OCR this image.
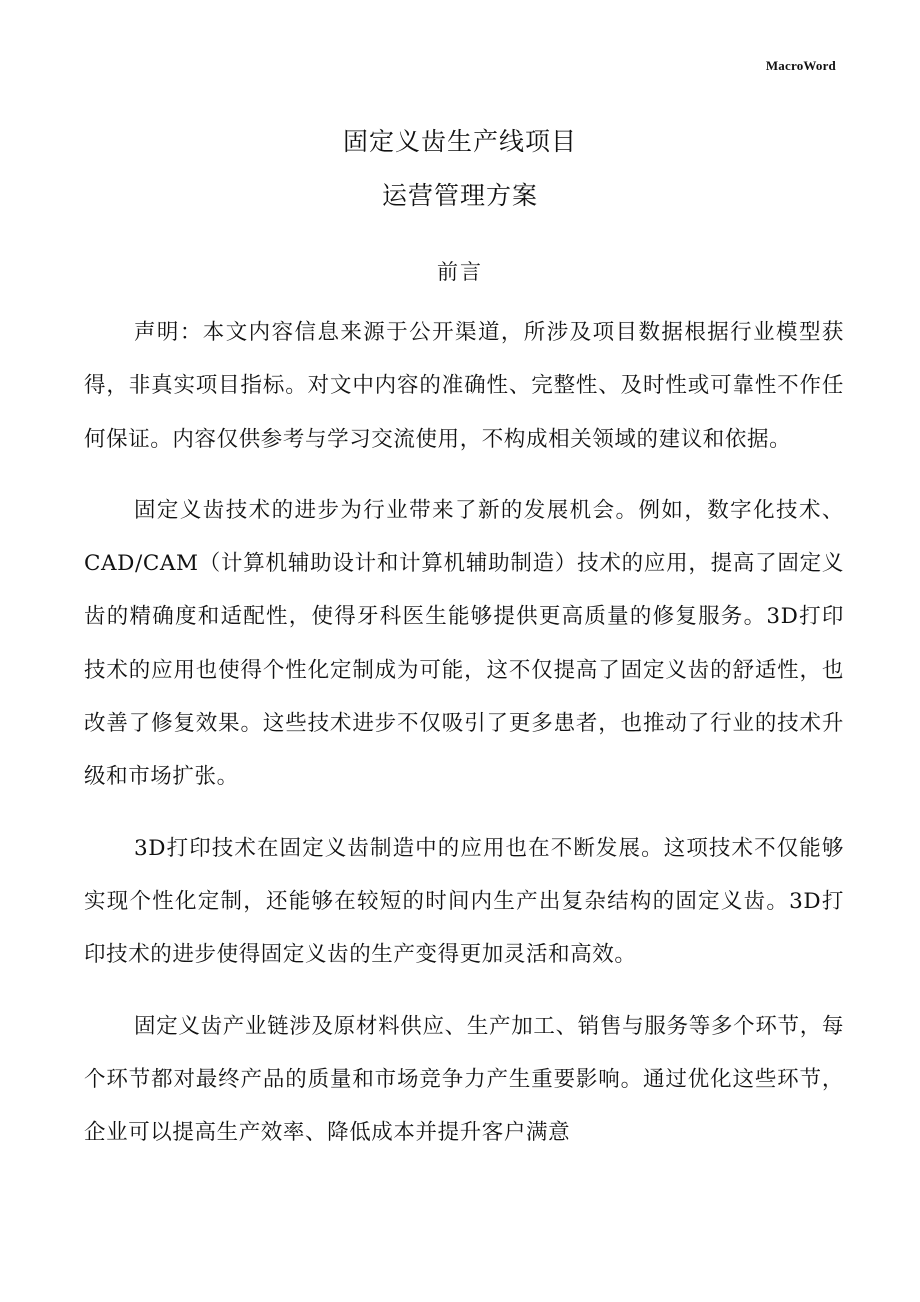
MacroWord
固定义齿生产线项目
运营管理方案
前言

声明：本文内容信息来源于公开渠道，所涉及项目数据根据行业模型获得，非真实项目指标。对文中内容的准确性、完整性、及时性或可靠性不作任何保证。内容仅供参考与学习交流使用，不构成相关领域的建议和依据。

固定义齿技术的进步为行业带来了新的发展机会。例如，数字化技术、CAD/CAM（计算机辅助设计和计算机辅助制造）技术的应用，提高了固定义齿的精确度和适配性，使得牙科医生能够提供更高质量的修复服务。3D打印技术的应用也使得个性化定制成为可能，这不仅提高了固定义齿的舒适性，也改善了修复效果。这些技术进步不仅吸引了更多患者，也推动了行业的技术升级和市场扩张。

3D打印技术在固定义齿制造中的应用也在不断发展。这项技术不仅能够实现个性化定制，还能够在较短的时间内生产出复杂结构的固定义齿。3D打印技术的进步使得固定义齿的生产变得更加灵活和高效。

固定义齿产业链涉及原材料供应、生产加工、销售与服务等多个环节，每个环节都对最终产品的质量和市场竞争力产生重要影响。通过优化这些环节，企业可以提高生产效率、降低成本并提升客户满意
